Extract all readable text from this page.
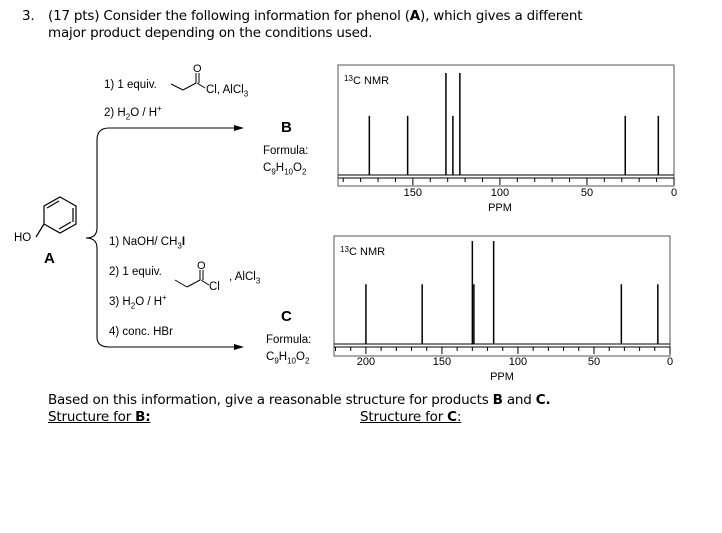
3. (17 pts) Consider the following information for phenol (A), which gives a different
major product depending on the conditions used.
O
O
150	100	50	0
PPM
13 C NMR
200	150	100	50	0
PPM
13 C NMR
HO
A
1) 1 equiv.	Cl, AlCl$_3$
2) $H_2O / H^+$
B
Formula:
$C_9H_{10}O_2$
1) NaOH/ $CH_3I$
2) 1 equiv.
Cl
, AlCl$_3$
3) $H_2O / H^+$
4) conc. HBr
C
Formula:
$C_9H_{10}O_2$
Based on this information, give a reasonable structure for products B and C.
Structure for B:	Structure for C:
